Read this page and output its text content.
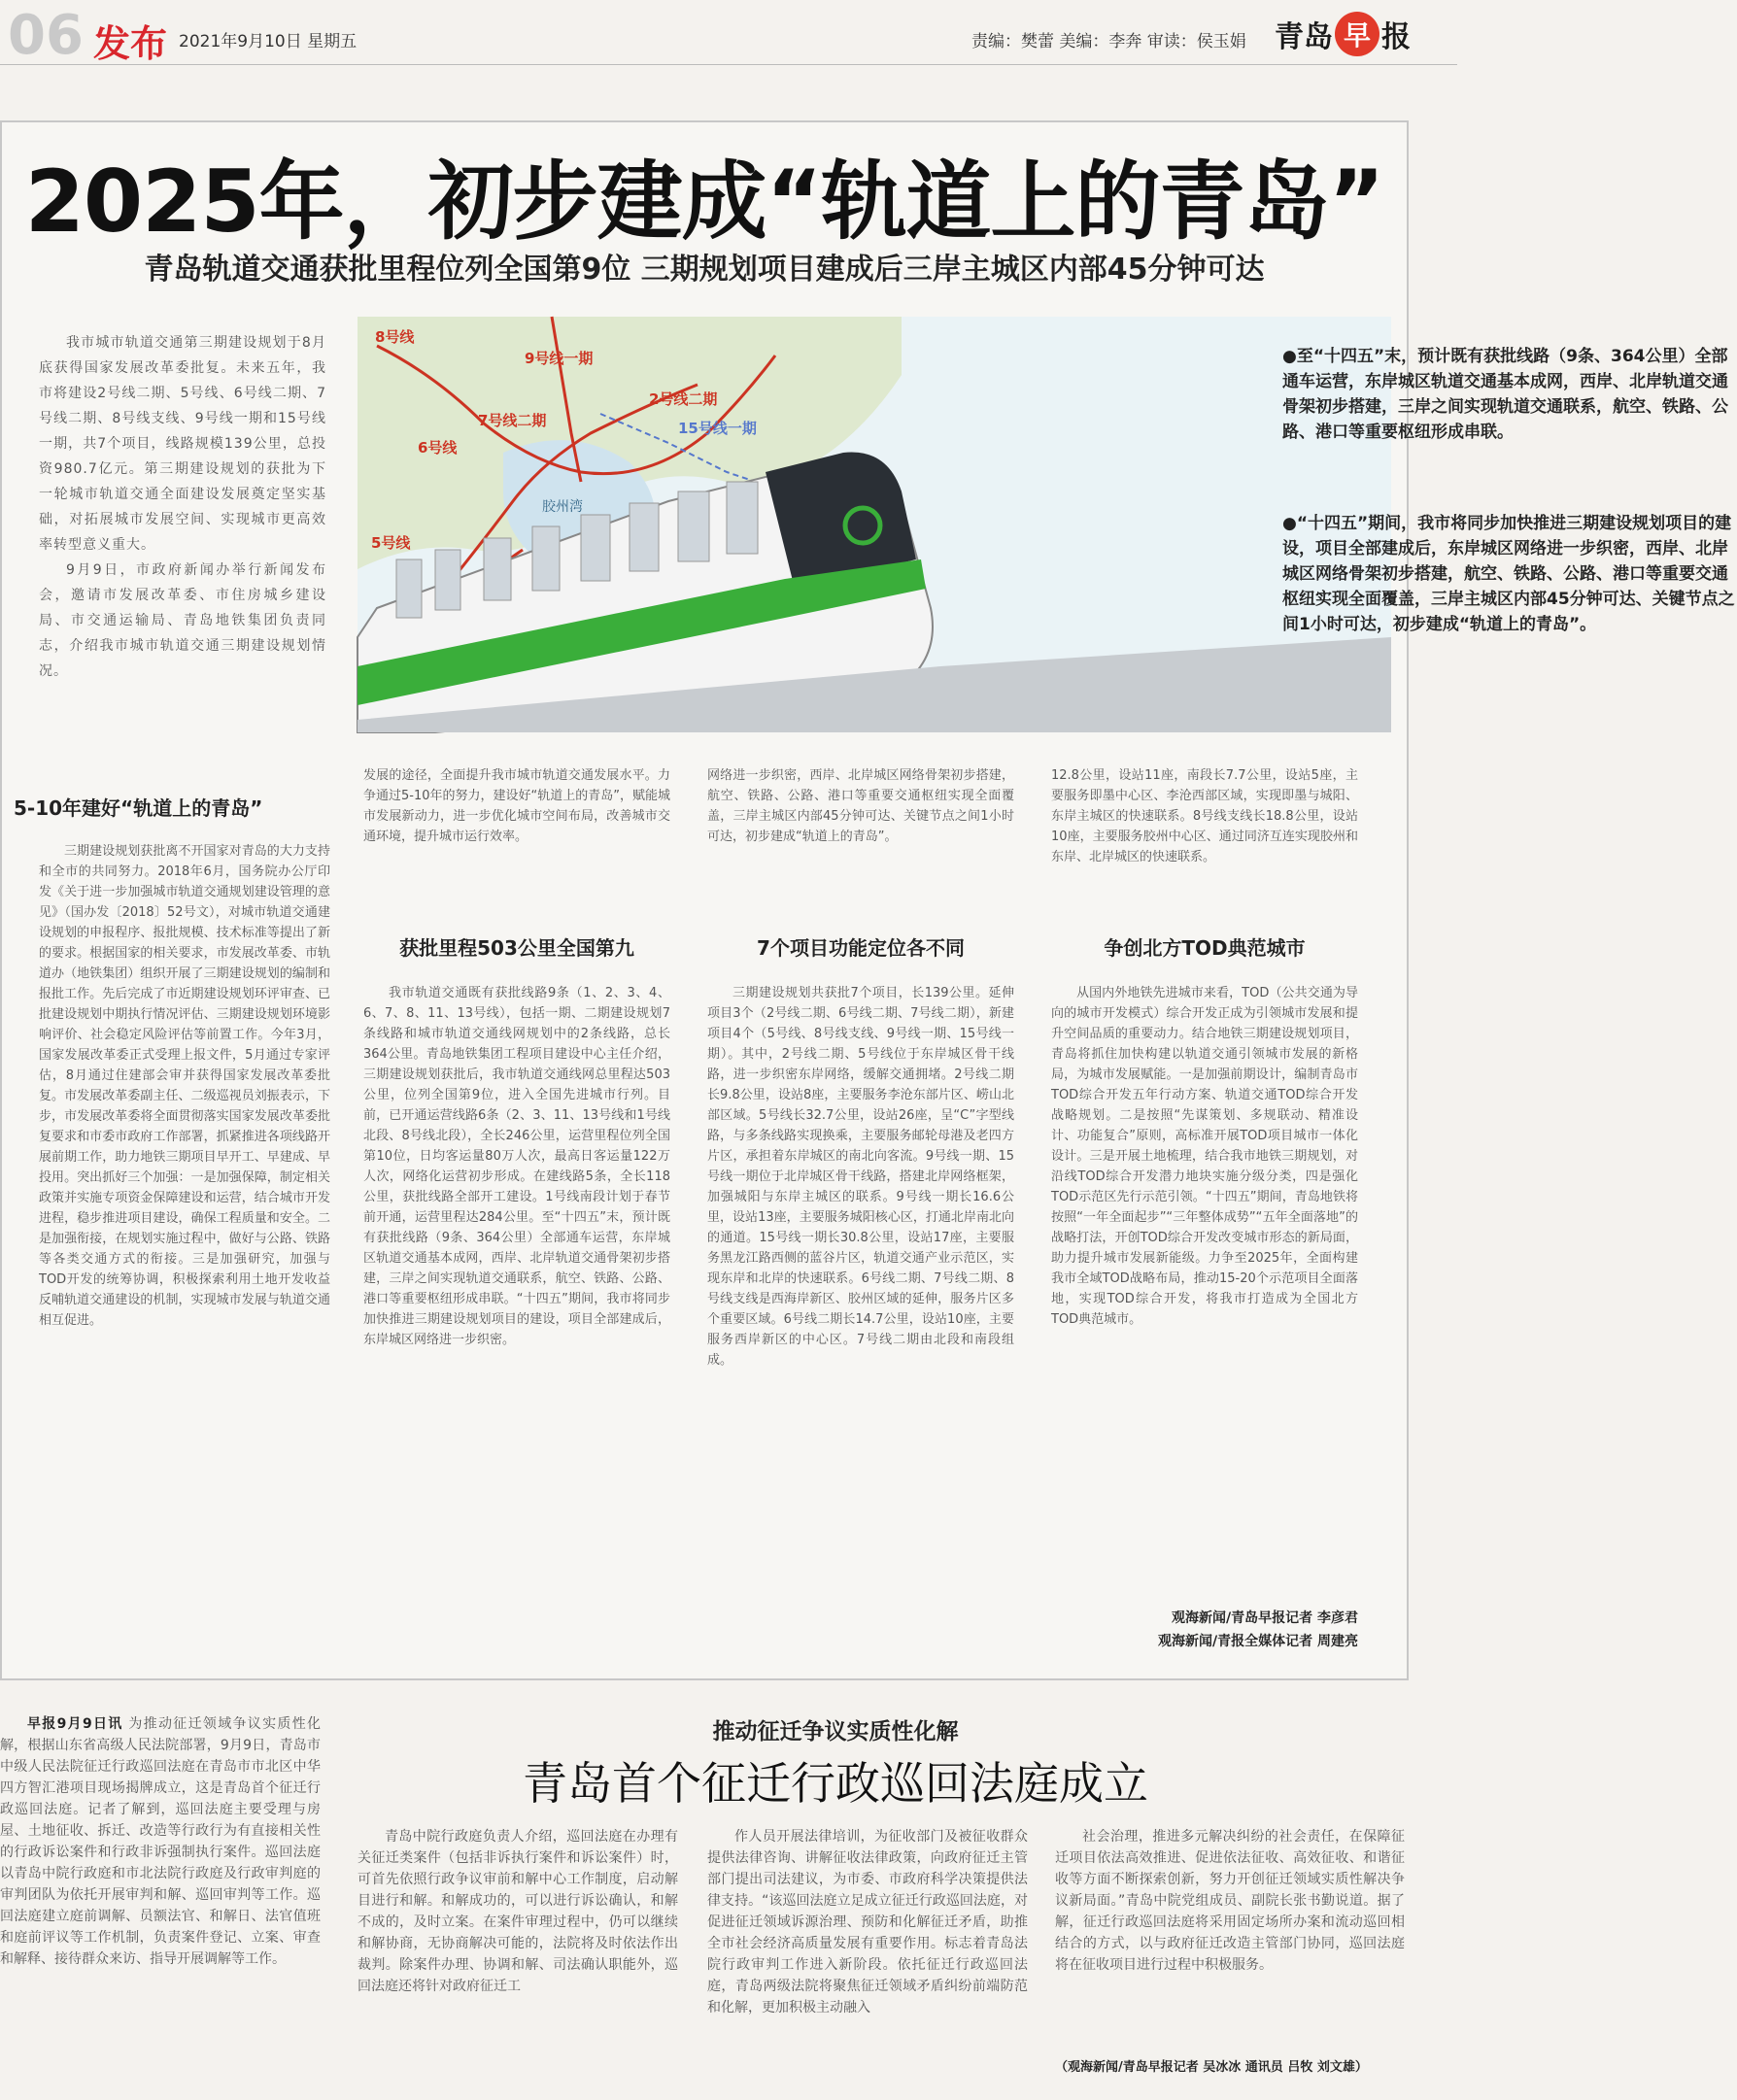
06 发布 2021年9月10日 星期五	责编：樊蕾 美编：李奔 审读：侯玉娟 青岛 早 报
2025年，初步建成“轨道上的青岛”
青岛轨道交通获批里程位列全国第9位 三期规划项目建成后三岸主城区内部45分钟可达

我市城市轨道交通第三期建设规划于8月底获得国家发展改革委批复。未来五年，我市将建设2号线二期、5号线、6号线二期、7号线二期、8号线支线、9号线一期和15号线一期，共7个项目，线路规模139公里，总投资980.7亿元。第三期建设规划的获批为下一轮城市轨道交通全面建设发展奠定坚实基础，对拓展城市发展空间、实现城市更高效率转型意义重大。

9月9日，市政府新闻办举行新闻发布会，邀请市发展改革委、市住房城乡建设局、市交通运输局、青岛地铁集团负责同志，介绍我市城市轨道交通三期建设规划情况。

8号线
9号线一期
2号线二期
6号线
7号线二期
5号线
15号线一期
胶州湾
●至“十四五”末，预计既有获批线路（9条、364公里）全部通车运营，东岸城区轨道交通基本成网，西岸、北岸轨道交通骨架初步搭建，三岸之间实现轨道交通联系，航空、铁路、公路、港口等重要枢纽形成串联。
●“十四五”期间，我市将同步加快推进三期建设规划项目的建设，项目全部建成后，东岸城区网络进一步织密，西岸、北岸城区网络骨架初步搭建，航空、铁路、公路、港口等重要交通枢纽实现全面覆盖，三岸主城区内部45分钟可达、关键节点之间1小时可达，初步建成“轨道上的青岛”。
5-10年建好“轨道上的青岛”

三期建设规划获批离不开国家对青岛的大力支持和全市的共同努力。2018年6月，国务院办公厅印发《关于进一步加强城市轨道交通规划建设管理的意见》（国办发〔2018〕52号文），对城市轨道交通建设规划的申报程序、报批规模、技术标准等提出了新的要求。根据国家的相关要求，市发展改革委、市轨道办（地铁集团）组织开展了三期建设规划的编制和报批工作。先后完成了市近期建设规划环评审查、已批建设规划中期执行情况评估、三期建设规划环境影响评价、社会稳定风险评估等前置工作。今年3月，国家发展改革委正式受理上报文件，5月通过专家评估，8月通过住建部会审并获得国家发展改革委批复。市发展改革委副主任、二级巡视员刘振表示，下步，市发展改革委将全面贯彻落实国家发展改革委批复要求和市委市政府工作部署，抓紧推进各项线路开展前期工作，助力地铁三期项目早开工、早建成、早投用。突出抓好三个加强：一是加强保障，制定相关政策并实施专项资金保障建设和运营，结合城市开发进程，稳步推进项目建设，确保工程质量和安全。二是加强衔接，在规划实施过程中，做好与公路、铁路等各类交通方式的衔接。三是加强研究，加强与TOD开发的统筹协调，积极探索利用土地开发收益反哺轨道交通建设的机制，实现城市发展与轨道交通相互促进。

发展的途径，全面提升我市城市轨道交通发展水平。力争通过5-10年的努力，建设好“轨道上的青岛”，赋能城市发展新动力，进一步优化城市空间布局，改善城市交通环境，提升城市运行效率。

获批里程503公里全国第九

我市轨道交通既有获批线路9条（1、2、3、4、6、7、8、11、13号线），包括一期、二期建设规划7条线路和城市轨道交通线网规划中的2条线路，总长364公里。青岛地铁集团工程项目建设中心主任介绍，三期建设规划获批后，我市轨道交通线网总里程达503公里，位列全国第9位，进入全国先进城市行列。目前，已开通运营线路6条（2、3、11、13号线和1号线北段、8号线北段），全长246公里，运营里程位列全国第10位，日均客运量80万人次，最高日客运量122万人次，网络化运营初步形成。在建线路5条，全长118公里，获批线路全部开工建设。1号线南段计划于春节前开通，运营里程达284公里。至“十四五”末，预计既有获批线路（9条、364公里）全部通车运营，东岸城区轨道交通基本成网，西岸、北岸轨道交通骨架初步搭建，三岸之间实现轨道交通联系，航空、铁路、公路、港口等重要枢纽形成串联。“十四五”期间，我市将同步加快推进三期建设规划项目的建设，项目全部建成后，东岸城区网络进一步织密。

网络进一步织密，西岸、北岸城区网络骨架初步搭建，航空、铁路、公路、港口等重要交通枢纽实现全面覆盖，三岸主城区内部45分钟可达、关键节点之间1小时可达，初步建成“轨道上的青岛”。

7个项目功能定位各不同

三期建设规划共获批7个项目，长139公里。延伸项目3个（2号线二期、6号线二期、7号线二期），新建项目4个（5号线、8号线支线、9号线一期、15号线一期）。其中，2号线二期、5号线位于东岸城区骨干线路，进一步织密东岸网络，缓解交通拥堵。2号线二期长9.8公里，设站8座，主要服务李沧东部片区、崂山北部区域。5号线长32.7公里，设站26座，呈“C”字型线路，与多条线路实现换乘，主要服务邮轮母港及老四方片区，承担着东岸城区的南北向客流。9号线一期、15号线一期位于北岸城区骨干线路，搭建北岸网络框架，加强城阳与东岸主城区的联系。9号线一期长16.6公里，设站13座，主要服务城阳核心区，打通北岸南北向的通道。15号线一期长30.8公里，设站17座，主要服务黑龙江路西侧的蓝谷片区，轨道交通产业示范区，实现东岸和北岸的快速联系。6号线二期、7号线二期、8号线支线是西海岸新区、胶州区域的延伸，服务片区多个重要区域。6号线二期长14.7公里，设站10座，主要服务西岸新区的中心区。7号线二期由北段和南段组成。

12.8公里，设站11座，南段长7.7公里，设站5座，主要服务即墨中心区、李沧西部区域，实现即墨与城阳、东岸主城区的快速联系。8号线支线长18.8公里，设站10座，主要服务胶州中心区、通过同济互连实现胶州和东岸、北岸城区的快速联系。

争创北方TOD典范城市

从国内外地铁先进城市来看，TOD（公共交通为导向的城市开发模式）综合开发正成为引领城市发展和提升空间品质的重要动力。结合地铁三期建设规划项目，青岛将抓住加快构建以轨道交通引领城市发展的新格局，为城市发展赋能。一是加强前期设计，编制青岛市TOD综合开发五年行动方案、轨道交通TOD综合开发战略规划。二是按照“先谋策划、多规联动、精准设计、功能复合”原则，高标准开展TOD项目城市一体化设计。三是开展土地梳理，结合我市地铁三期规划，对沿线TOD综合开发潜力地块实施分级分类，四是强化TOD示范区先行示范引领。“十四五”期间，青岛地铁将按照“一年全面起步”“三年整体成势”“五年全面落地”的战略打法，开创TOD综合开发改变城市形态的新局面，助力提升城市发展新能级。力争至2025年，全面构建我市全域TOD战略布局，推动15-20个示范项目全面落地，实现TOD综合开发，将我市打造成为全国北方TOD典范城市。

观海新闻/青岛早报记者 李彦君
观海新闻/青报全媒体记者 周建亮

早报9月9日讯 为推动征迁领域争议实质性化解，根据山东省高级人民法院部署，9月9日，青岛市中级人民法院征迁行政巡回法庭在青岛市市北区中华四方智汇港项目现场揭牌成立，这是青岛首个征迁行政巡回法庭。记者了解到，巡回法庭主要受理与房屋、土地征收、拆迁、改造等行政行为有直接相关性的行政诉讼案件和行政非诉强制执行案件。巡回法庭以青岛中院行政庭和市北法院行政庭及行政审判庭的审判团队为依托开展审判和解、巡回审判等工作。巡回法庭建立庭前调解、员额法官、和解日、法官值班和庭前评议等工作机制，负责案件登记、立案、审查和解释、接待群众来访、指导开展调解等工作。

推动征迁争议实质性化解
青岛首个征迁行政巡回法庭成立

青岛中院行政庭负责人介绍，巡回法庭在办理有关征迁类案件（包括非诉执行案件和诉讼案件）时，可首先依照行政争议审前和解中心工作制度，启动解目进行和解。和解成功的，可以进行诉讼确认，和解不成的，及时立案。在案件审理过程中，仍可以继续和解协商，无协商解决可能的，法院将及时依法作出裁判。除案件办理、协调和解、司法确认职能外，巡回法庭还将针对政府征迁工

作人员开展法律培训，为征收部门及被征收群众提供法律咨询、讲解征收法律政策，向政府征迁主管部门提出司法建议，为市委、市政府科学决策提供法律支持。“该巡回法庭立足成立征迁行政巡回法庭，对促进征迁领域诉源治理、预防和化解征迁矛盾，助推全市社会经济高质量发展有重要作用。标志着青岛法院行政审判工作进入新阶段。依托征迁行政巡回法庭，青岛两级法院将聚焦征迁领域矛盾纠纷前端防范和化解，更加积极主动融入

社会治理，推进多元解决纠纷的社会责任，在保障征迁项目依法高效推进、促进依法征收、高效征收、和谐征收等方面不断探索创新，努力开创征迁领域实质性解决争议新局面。”青岛中院党组成员、副院长张书勤说道。据了解，征迁行政巡回法庭将采用固定场所办案和流动巡回相结合的方式，以与政府征迁改造主管部门协同，巡回法庭将在征收项目进行过程中积极服务。

（观海新闻/青岛早报记者 吴冰冰 通讯员 吕牧 刘文雄）
